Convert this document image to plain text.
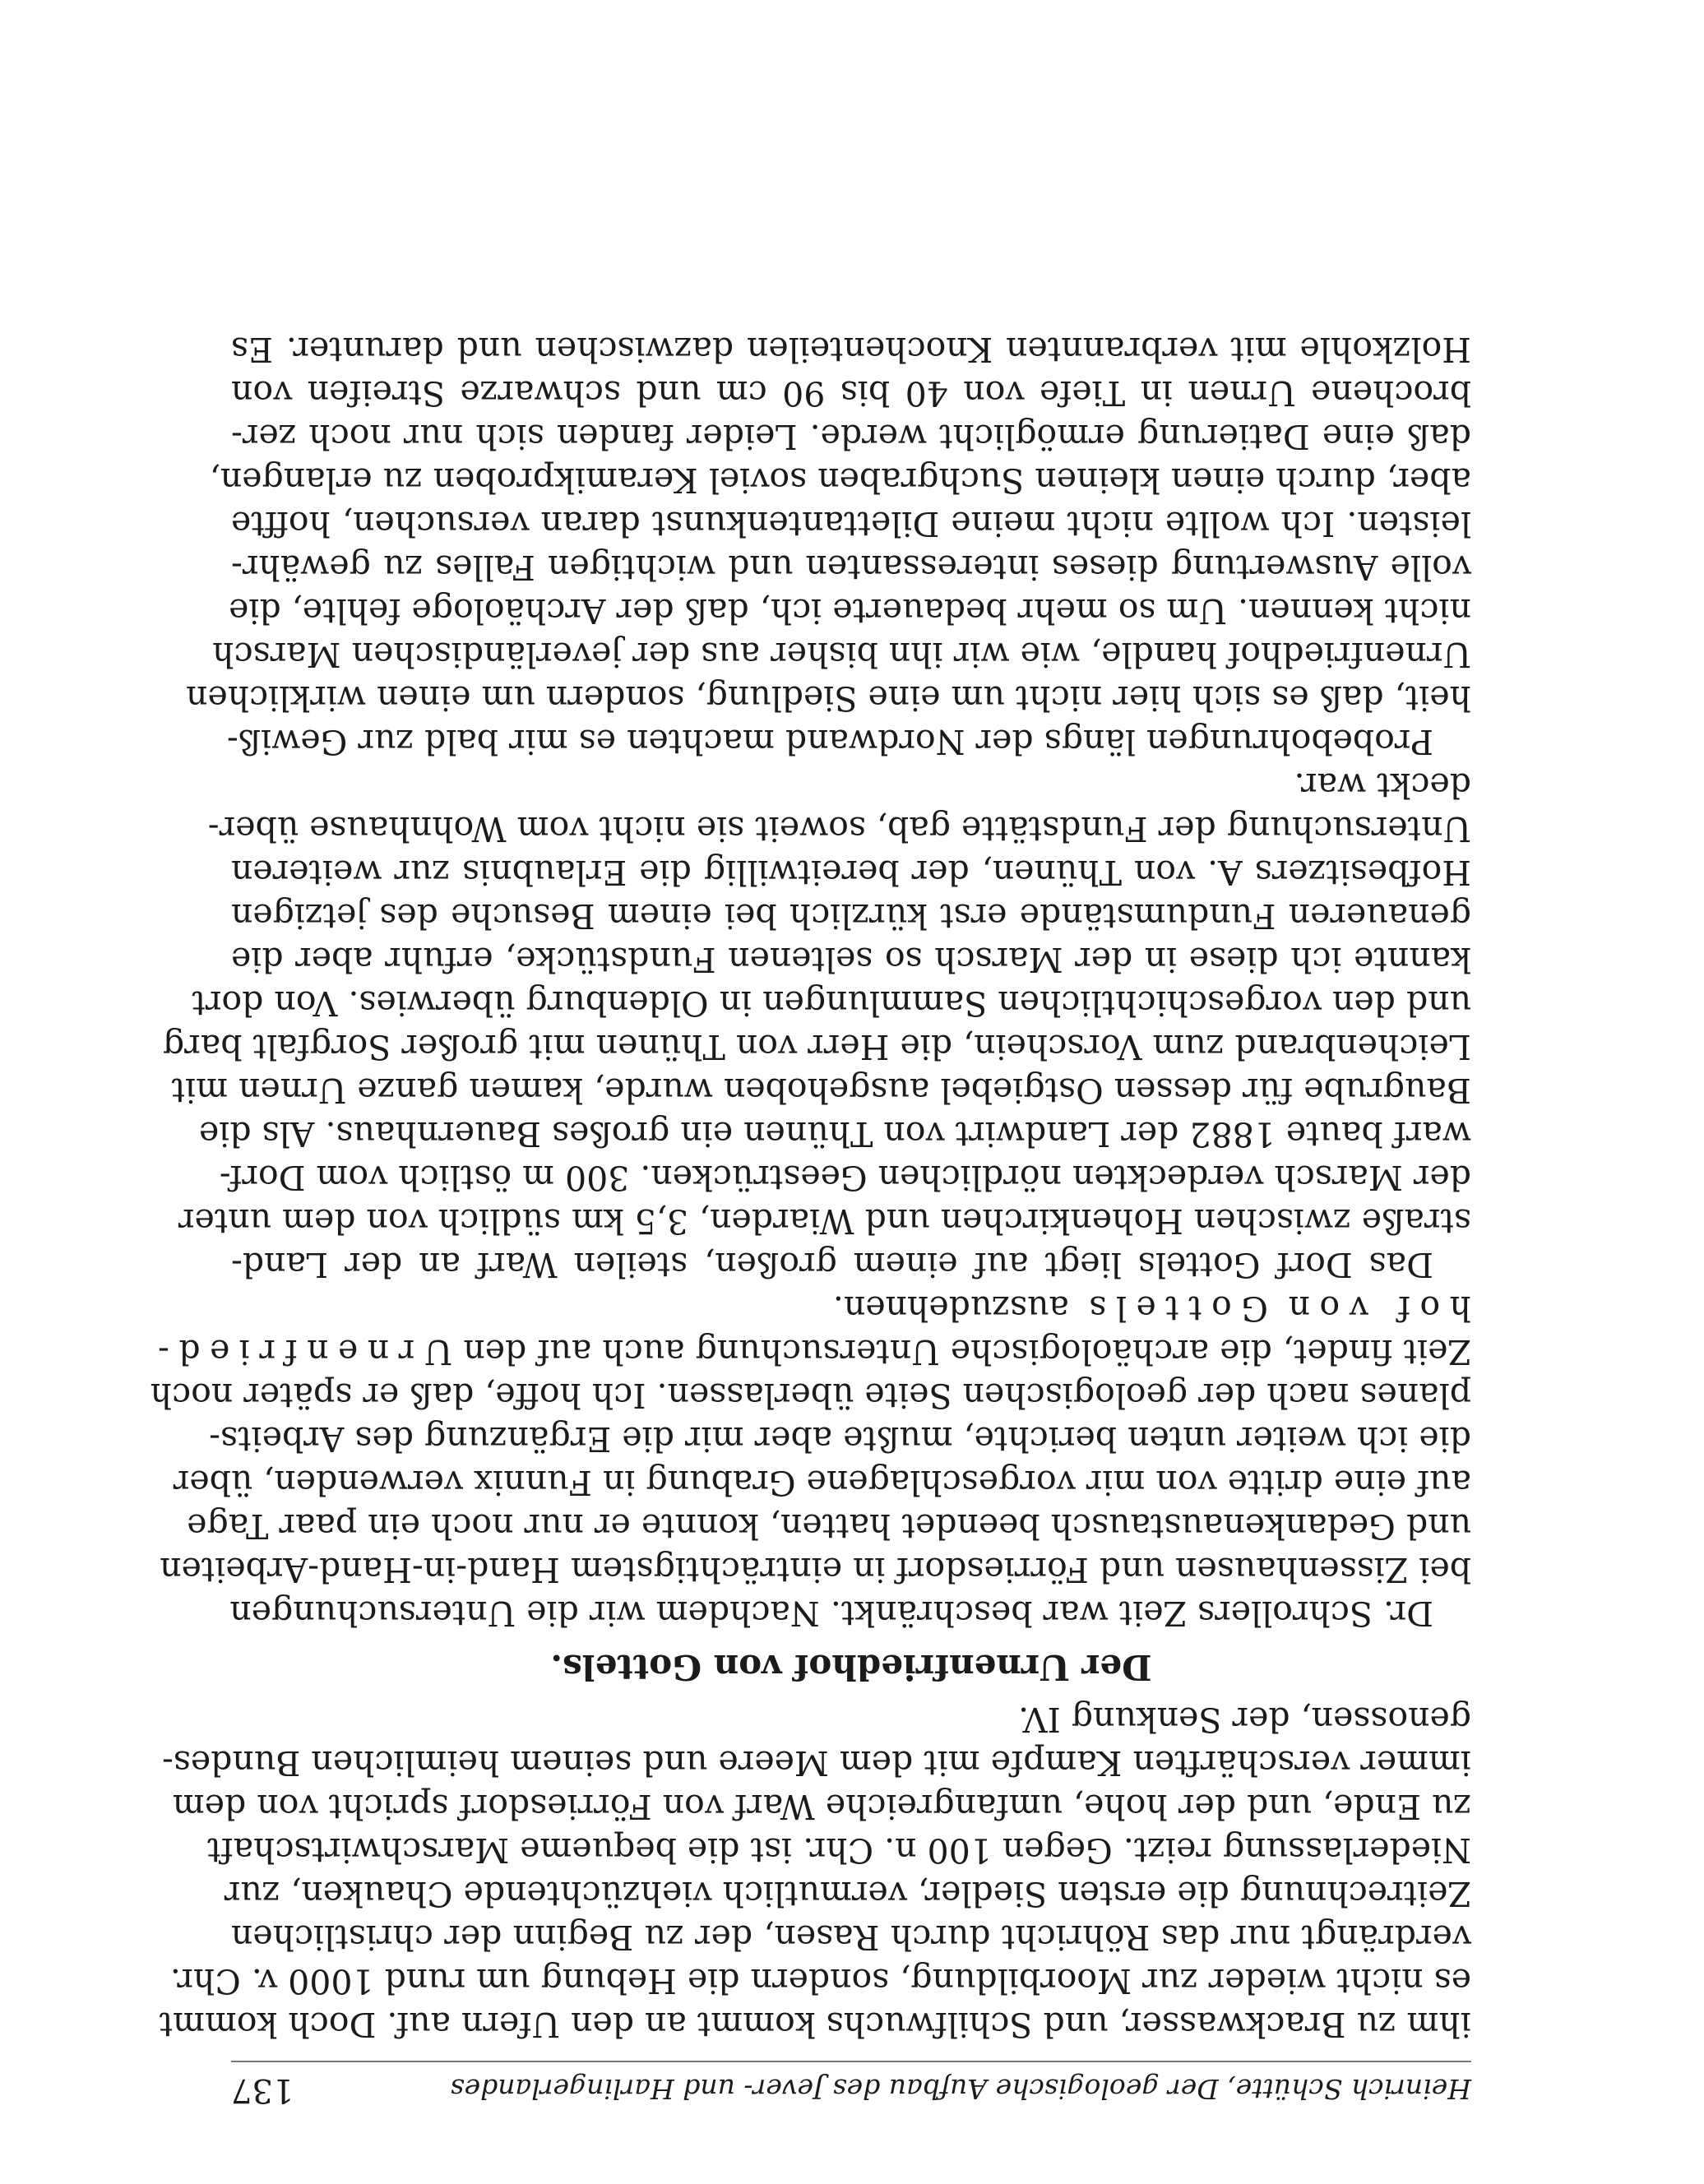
Heinrich Schütte, Der geologische Aufbau des Jever- und Harlingerlandes
137

ihm zu Brackwasser, und Schilfwuchs kommt an den Ufern auf. Doch kommt
es nicht wieder zur Moorbildung, sondern die Hebung um rund 1000 v. Chr.
verdrängt nur das Röhricht durch Rasen, der zu Beginn der christlichen
Zeitrechnung die ersten Siedler, vermutlich viehzüchtende Chauken, zur
Niederlassung reizt. Gegen 100 n. Chr. ist die bequeme Marschwirtschaft
zu Ende, und der hohe, umfangreiche Warf von Förriesdorf spricht von dem
immer verschärften Kampfe mit dem Meere und seinem heimlichen Bundes-
genossen, der Senkung IV.

Der Urnenfriedhof von Gottels.

Dr. Schrollers Zeit war beschränkt. Nachdem wir die Untersuchungen
bei Zissenhausen und Förriesdorf in einträchtigstem Hand-in-Hand-Arbeiten
und Gedankenaustausch beendet hatten, konnte er nur noch ein paar Tage
auf eine dritte von mir vorgeschlagene Grabung in Funnix verwenden, über
die ich weiter unten berichte, mußte aber mir die Ergänzung des Arbeits-
planes nach der geologischen Seite überlassen. Ich hoffe, daß er später noch
Zeit findet, die archäologische Untersuchung auch auf den Urnenfried-
hof von Gottels auszudehnen.

Das Dorf Gottels liegt auf einem großen, steilen Warf an der Land-
straße zwischen Hohenkirchen und Wiarden, 3,5 km südlich von dem unter
der Marsch verdeckten nördlichen Geestrücken. 300 m östlich vom Dorf-
warf baute 1882 der Landwirt von Thünen ein großes Bauernhaus. Als die
Baugrube für dessen Ostgiebel ausgehoben wurde, kamen ganze Urnen mit
Leichenbrand zum Vorschein, die Herr von Thünen mit großer Sorgfalt barg
und den vorgeschichtlichen Sammlungen in Oldenburg überwies. Von dort
kannte ich diese in der Marsch so seltenen Fundstücke, erfuhr aber die
genaueren Fundumstände erst kürzlich bei einem Besuche des jetzigen
Hofbesitzers A. von Thünen, der bereitwillig die Erlaubnis zur weiteren
Untersuchung der Fundstätte gab, soweit sie nicht vom Wohnhause über-
deckt war.

Probebohrungen längs der Nordwand machten es mir bald zur Gewiß-
heit, daß es sich hier nicht um eine Siedlung, sondern um einen wirklichen
Urnenfriedhof handle, wie wir ihn bisher aus der jeverländischen Marsch
nicht kennen. Um so mehr bedauerte ich, daß der Archäologe fehlte, die
volle Auswertung dieses interessanten und wichtigen Falles zu gewähr-
leisten. Ich wollte nicht meine Dilettantenkunst daran versuchen, hoffte
aber, durch einen kleinen Suchgraben soviel Keramikproben zu erlangen,
daß eine Datierung ermöglicht werde. Leider fanden sich nur noch zer-
brochene Urnen in Tiefe von 40 bis 90 cm und schwarze Streifen von
Holzkohle mit verbrannten Knochenteilen dazwischen und darunter. Es
